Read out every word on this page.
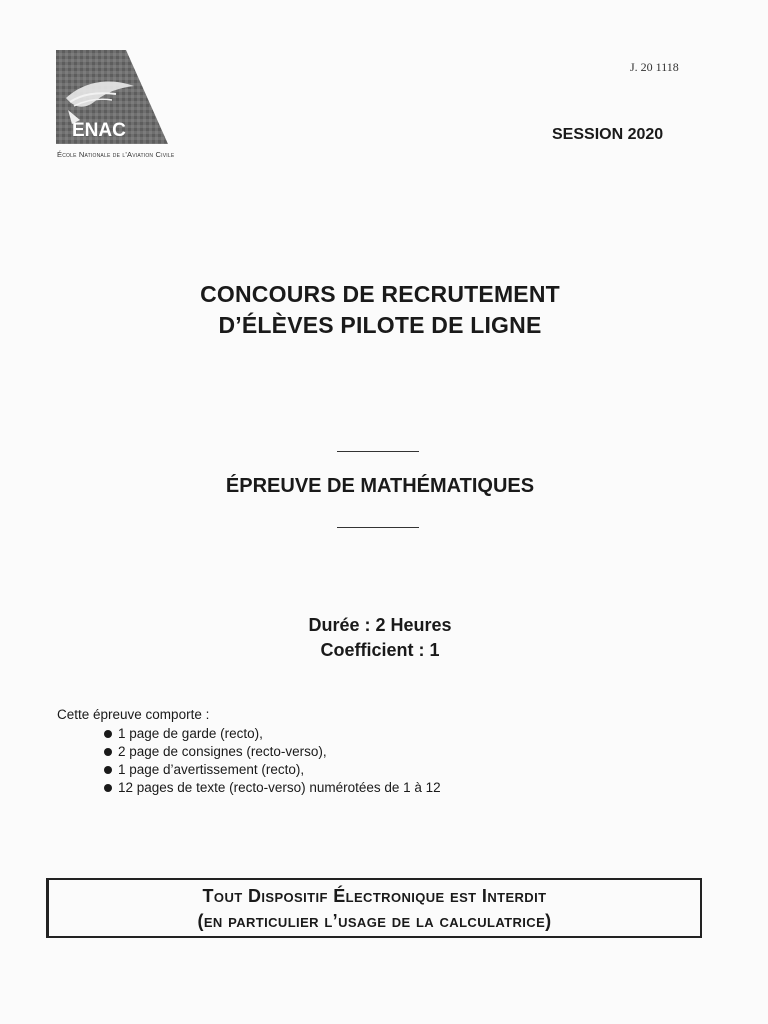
ENAC
École Nationale de l'Aviation Civile
J. 20 1118
SESSION 2020
CONCOURS DE RECRUTEMENT
D’ÉLÈVES PILOTE DE LIGNE
ÉPREUVE DE MATHÉMATIQUES
Durée : 2 Heures
Coefficient : 1
Cette épreuve comporte :
1 page de garde (recto),
2 page de consignes (recto-verso),
1 page d’avertissement (recto),
12 pages de texte (recto-verso) numérotées de 1 à 12
Tout Dispositif Électronique est Interdit
(en particulier l’usage de la calculatrice)
